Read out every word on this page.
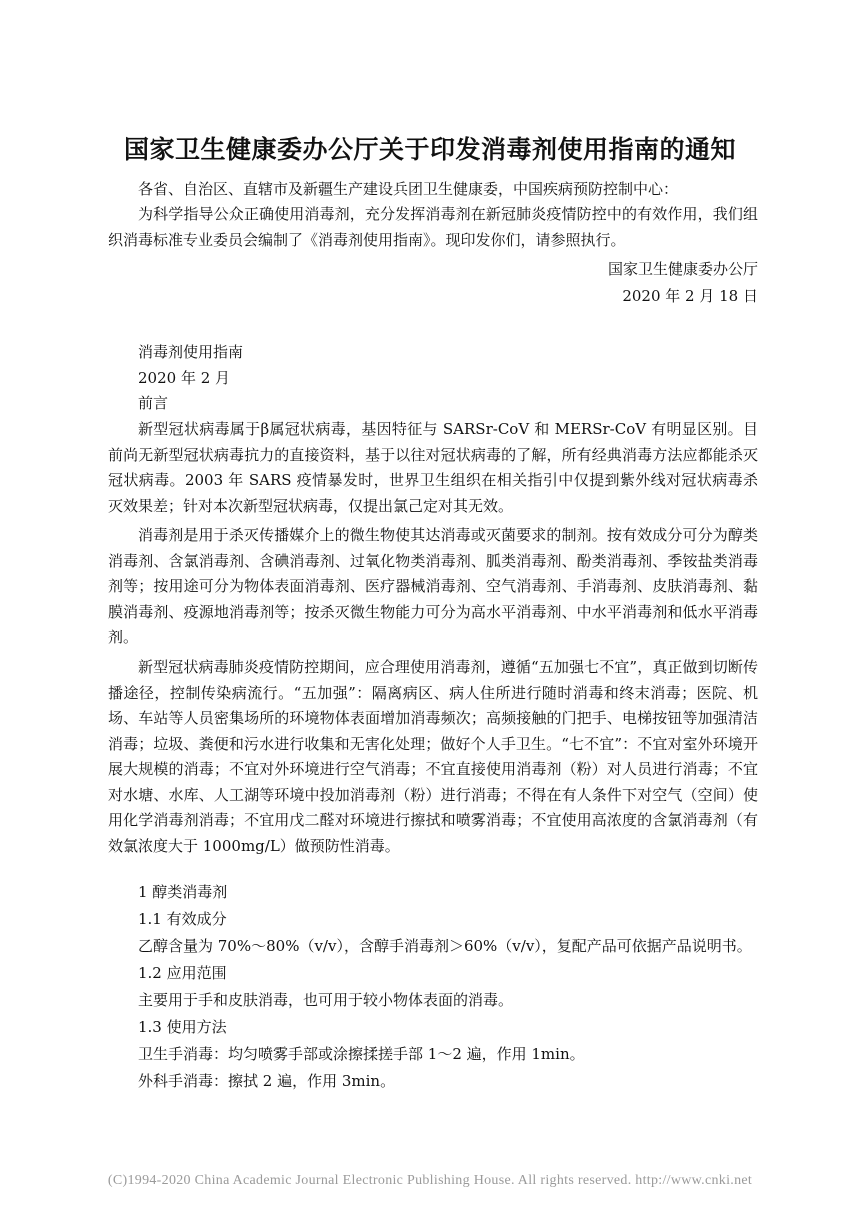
国家卫生健康委办公厅关于印发消毒剂使用指南的通知
各省、自治区、直辖市及新疆生产建设兵团卫生健康委，中国疾病预防控制中心：

为科学指导公众正确使用消毒剂，充分发挥消毒剂在新冠肺炎疫情防控中的有效作用，我们组织消毒标准专业委员会编制了《消毒剂使用指南》。现印发你们，请参照执行。

国家卫生健康委办公厅
2020 年 2 月 18 日
消毒剂使用指南
2020 年 2 月
前言

新型冠状病毒属于β属冠状病毒，基因特征与 SARSr-CoV 和 MERSr-CoV 有明显区别。目前尚无新型冠状病毒抗力的直接资料，基于以往对冠状病毒的了解，所有经典消毒方法应都能杀灭冠状病毒。2003 年 SARS 疫情暴发时，世界卫生组织在相关指引中仅提到紫外线对冠状病毒杀灭效果差；针对本次新型冠状病毒，仅提出氯己定对其无效。

消毒剂是用于杀灭传播媒介上的微生物使其达消毒或灭菌要求的制剂。按有效成分可分为醇类消毒剂、含氯消毒剂、含碘消毒剂、过氧化物类消毒剂、胍类消毒剂、酚类消毒剂、季铵盐类消毒剂等；按用途可分为物体表面消毒剂、医疗器械消毒剂、空气消毒剂、手消毒剂、皮肤消毒剂、黏膜消毒剂、疫源地消毒剂等；按杀灭微生物能力可分为高水平消毒剂、中水平消毒剂和低水平消毒剂。

新型冠状病毒肺炎疫情防控期间，应合理使用消毒剂，遵循“五加强七不宜”，真正做到切断传播途径，控制传染病流行。“五加强”：隔离病区、病人住所进行随时消毒和终末消毒；医院、机场、车站等人员密集场所的环境物体表面增加消毒频次；高频接触的门把手、电梯按钮等加强清洁消毒；垃圾、粪便和污水进行收集和无害化处理；做好个人手卫生。“七不宜”：不宜对室外环境开展大规模的消毒；不宜对外环境进行空气消毒；不宜直接使用消毒剂（粉）对人员进行消毒；不宜对水塘、水库、人工湖等环境中投加消毒剂（粉）进行消毒；不得在有人条件下对空气（空间）使用化学消毒剂消毒；不宜用戊二醛对环境进行擦拭和喷雾消毒；不宜使用高浓度的含氯消毒剂（有效氯浓度大于 1000mg/L）做预防性消毒。

1 醇类消毒剂
1.1 有效成分
乙醇含量为 70%～80%（v/v），含醇手消毒剂＞60%（v/v），复配产品可依据产品说明书。
1.2 应用范围
主要用于手和皮肤消毒，也可用于较小物体表面的消毒。
1.3 使用方法
卫生手消毒：均匀喷雾手部或涂擦揉搓手部 1～2 遍，作用 1min。
外科手消毒：擦拭 2 遍，作用 3min。
(C)1994-2020 China Academic Journal Electronic Publishing House. All rights reserved. http://www.cnki.net
